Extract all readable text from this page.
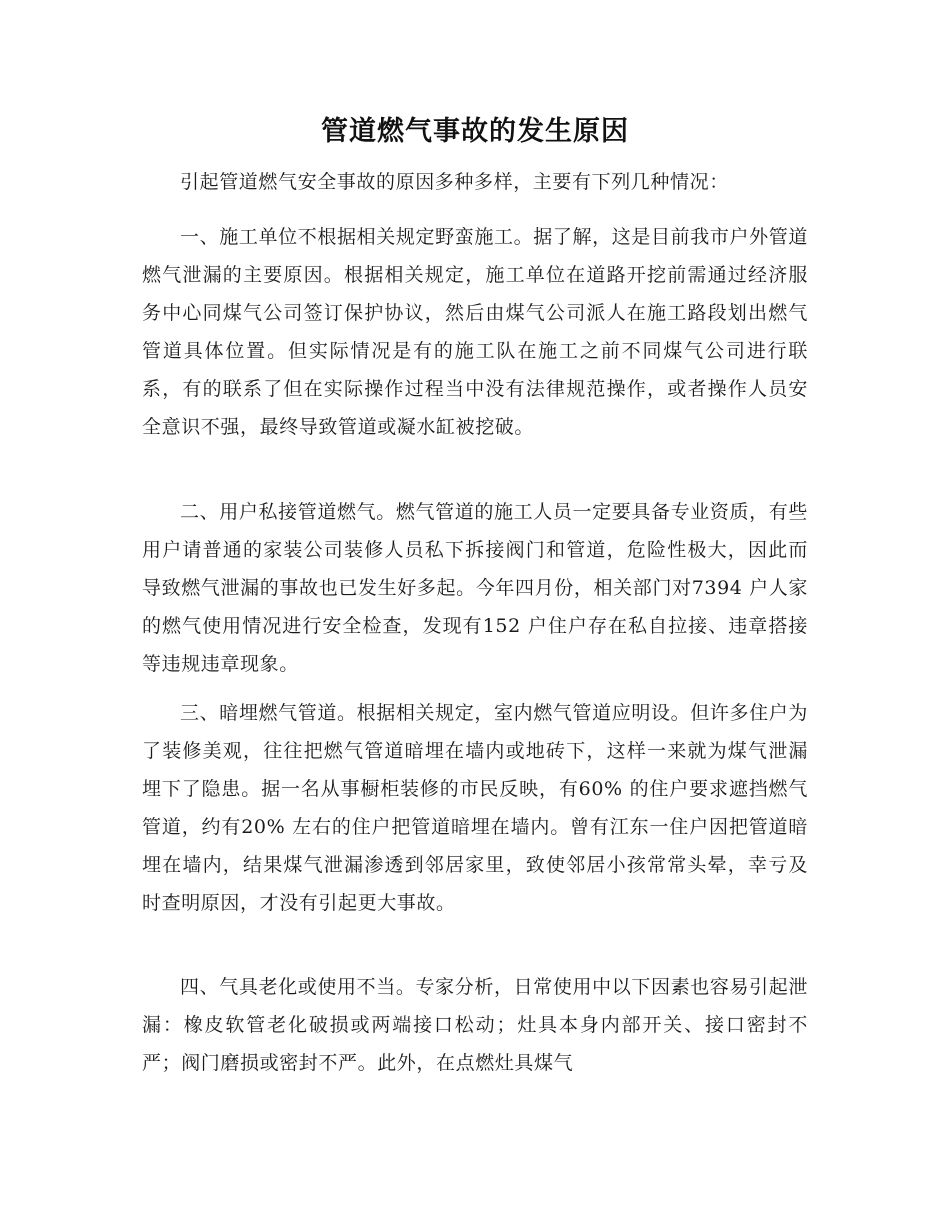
管道燃气事故的发生原因

引起管道燃气安全事故的原因多种多样，主要有下列几种情况：

一、施工单位不根据相关规定野蛮施工。据了解，这是目前我市户外管道燃气泄漏的主要原因。根据相关规定，施工单位在道路开挖前需通过经济服务中心同煤气公司签订保护协议，然后由煤气公司派人在施工路段划出燃气管道具体位置。但实际情况是有的施工队在施工之前不同煤气公司进行联系，有的联系了但在实际操作过程当中没有法律规范操作，或者操作人员安全意识不强，最终导致管道或凝水缸被挖破。

二、用户私接管道燃气。燃气管道的施工人员一定要具备专业资质，有些用户请普通的家装公司装修人员私下拆接阀门和管道，危险性极大，因此而导致燃气泄漏的事故也已发生好多起。今年四月份，相关部门对7394 户人家的燃气使用情况进行安全检查，发现有152 户住户存在私自拉接、违章搭接等违规违章现象。

三、暗埋燃气管道。根据相关规定，室内燃气管道应明设。但许多住户为了装修美观，往往把燃气管道暗埋在墙内或地砖下，这样一来就为煤气泄漏埋下了隐患。据一名从事橱柜装修的市民反映，有60% 的住户要求遮挡燃气管道，约有20% 左右的住户把管道暗埋在墙内。曾有江东一住户因把管道暗埋在墙内，结果煤气泄漏渗透到邻居家里，致使邻居小孩常常头晕，幸亏及时查明原因，才没有引起更大事故。

四、气具老化或使用不当。专家分析，日常使用中以下因素也容易引起泄漏：橡皮软管老化破损或两端接口松动；灶具本身内部开关、接口密封不严；阀门磨损或密封不严。此外，在点燃灶具煤气
